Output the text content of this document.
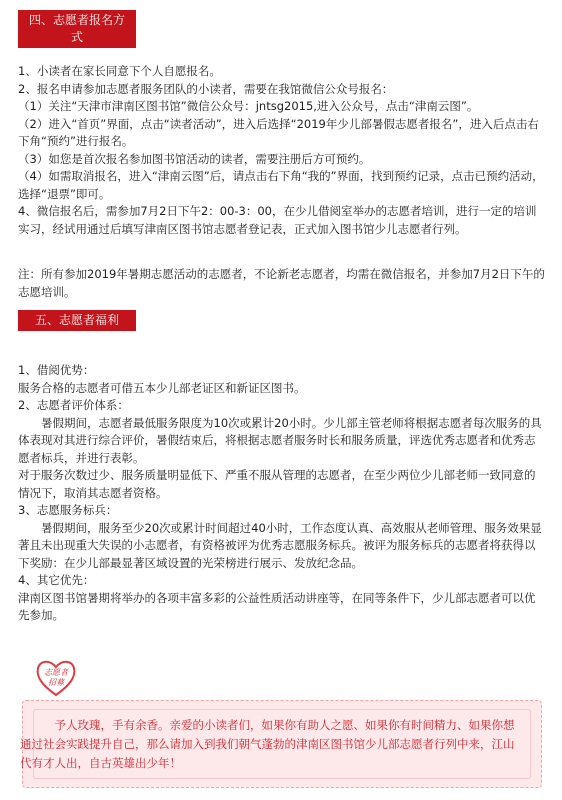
四、志愿者报名方式

1、小读者在家长同意下个人自愿报名。

2、报名申请参加志愿者服务团队的小读者，需要在我馆微信公众号报名：

（1）关注“天津市津南区图书馆”微信公众号：jntsg2015,进入公众号，点击“津南云图”。

（2）进入“首页”界面，点击“读者活动”，进入后选择“2019年少儿部暑假志愿者报名”，进入后点击右下角“预约”进行报名。

（3）如您是首次报名参加图书馆活动的读者，需要注册后方可预约。

（4）如需取消报名，进入“津南云图”后，请点击右下角“我的”界面，找到预约记录，点击已预约活动，选择“退票”即可。

4、微信报名后，需参加7月2日下午2：00-3：00，在少儿借阅室举办的志愿者培训，进行一定的培训实习，经试用通过后填写津南区图书馆志愿者登记表，正式加入图书馆少儿志愿者行列。

注：所有参加2019年暑期志愿活动的志愿者，不论新老志愿者，均需在微信报名，并参加7月2日下午的志愿培训。

五、志愿者福利

1、借阅优势：

服务合格的志愿者可借五本少儿部老证区和新证区图书。

2、志愿者评价体系：

暑假期间，志愿者最低服务限度为10次或累计20小时。少儿部主管老师将根据志愿者每次服务的具体表现对其进行综合评价，暑假结束后，将根据志愿者服务时长和服务质量，评选优秀志愿者和优秀志愿者标兵，并进行表彰。

对于服务次数过少、服务质量明显低下、严重不服从管理的志愿者，在至少两位少儿部老师一致同意的情况下，取消其志愿者资格。

3、志愿服务标兵：

暑假期间，服务至少20次或累计时间超过40小时，工作态度认真、高效服从老师管理、服务效果显著且未出现重大失误的小志愿者，有资格被评为优秀志愿服务标兵。被评为服务标兵的志愿者将获得以下奖励：在少儿部最显著区域设置的光荣榜进行展示、发放纪念品。

4、其它优先：

津南区图书馆暑期将举办的各项丰富多彩的公益性质活动讲座等，在同等条件下，少儿部志愿者可以优先参加。

志愿者
招募
予人玫瑰，手有余香。亲爱的小读者们，如果你有助人之愿、如果你有时间精力、如果你想通过社会实践提升自己，那么请加入到我们朝气蓬勃的津南区图书馆少儿部志愿者行列中来，江山代有才人出，自古英雄出少年！
